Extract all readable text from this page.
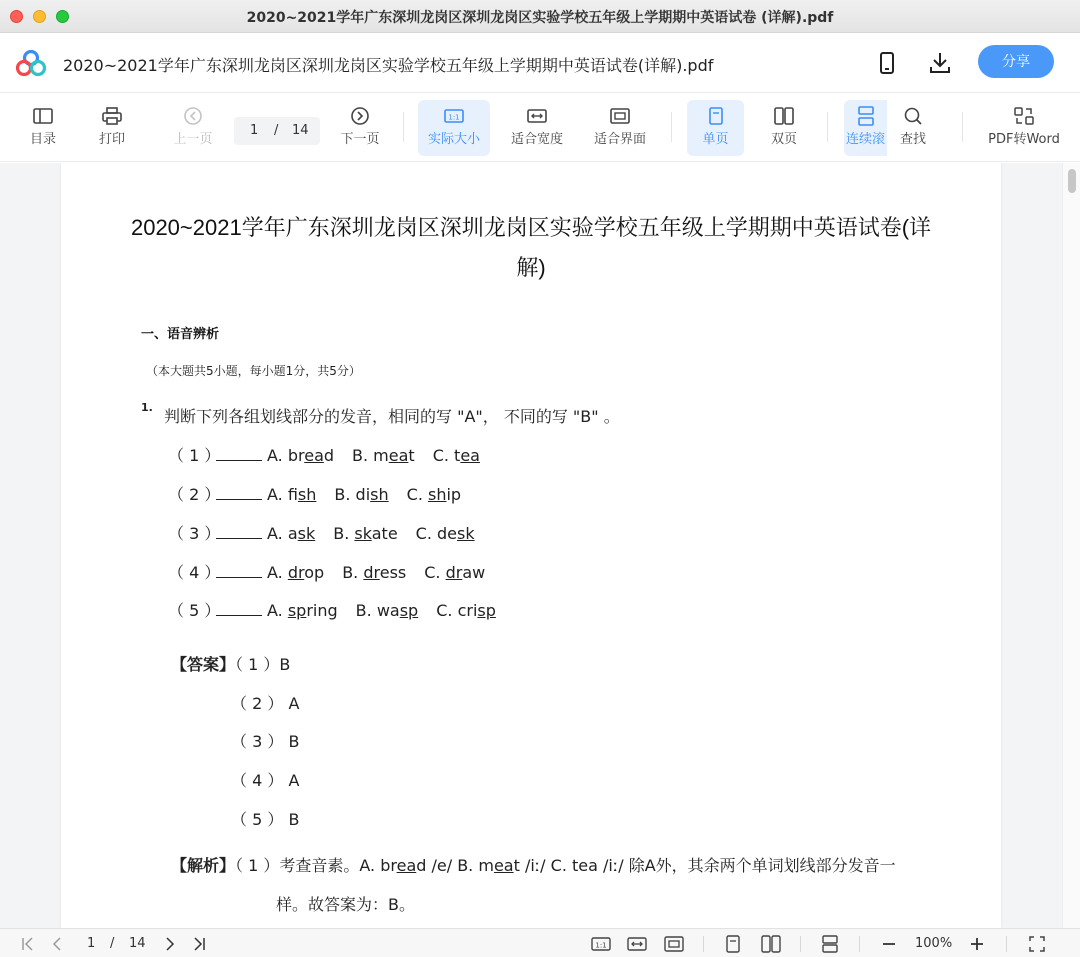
2020~2021学年广东深圳龙岗区深圳龙岗区实验学校五年级上学期期中英语试卷 (详解).pdf
2020~2021学年广东深圳龙岗区深圳龙岗区实验学校五年级上学期期中英语试卷(详解).pdf	分享
目录	打印	上一页
1 / 14
下一页
1:1
实际大小	适合宽度	适合界面	单页	双页	连续滚	查找	PDF转Word
2020~2021学年广东深圳龙岗区深圳龙岗区实验学校五年级上学期期中英语试卷(详
解)
一、语音辨析
（本大题共5小题，每小题1分，共5分）
1. 判断下列各组划线部分的发音，相同的写 "A"， 不同的写 "B" 。
（ 1 ）	A. bread B. meat C. tea
（ 2 ）	A. fish B. dish C. ship
（ 3 ）	A. ask B. skate C. desk
（ 4 ）	A. drop B. dress C. draw
（ 5 ）	A. spring B. wasp C. crisp
【答案】（ 1 ）B
（ 2 ） A
（ 3 ） B
（ 4 ） A
（ 5 ） B
【解析】（ 1 ）考查音素。A. bread /e/ B. meat /iː/ C. tea /iː/ 除A外，其余两个单词划线部分发音一
样。故答案为：B。
1 / 14	1:1	100%
